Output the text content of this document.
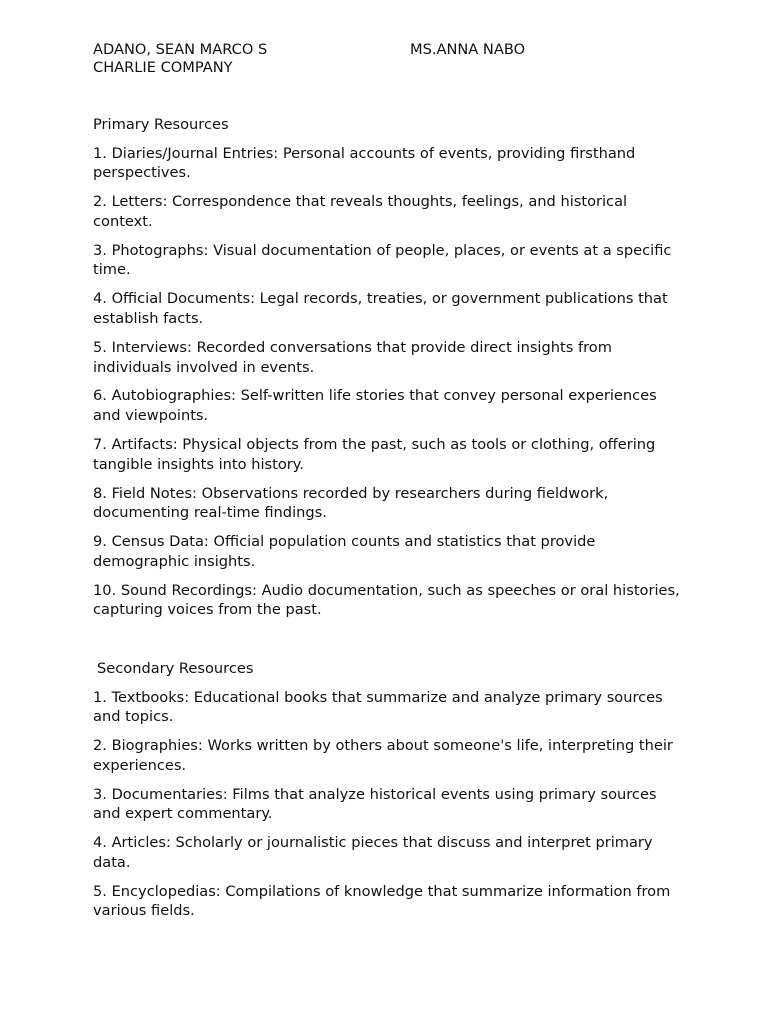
ADANO, SEAN MARCO S	MS.ANNA NABO
CHARLIE COMPANY
Primary Resources
1. Diaries/Journal Entries: Personal accounts of events, providing firsthand perspectives.
2. Letters: Correspondence that reveals thoughts, feelings, and historical context.
3. Photographs: Visual documentation of people, places, or events at a specific time.
4. Official Documents: Legal records, treaties, or government publications that establish facts.
5. Interviews: Recorded conversations that provide direct insights from individuals involved in events.
6. Autobiographies: Self-written life stories that convey personal experiences and viewpoints.
7. Artifacts: Physical objects from the past, such as tools or clothing, offering tangible insights into history.
8. Field Notes: Observations recorded by researchers during fieldwork, documenting real-time findings.
9. Census Data: Official population counts and statistics that provide demographic insights.
10. Sound Recordings: Audio documentation, such as speeches or oral histories, capturing voices from the past.
Secondary Resources
1. Textbooks: Educational books that summarize and analyze primary sources and topics.
2. Biographies: Works written by others about someone's life, interpreting their experiences.
3. Documentaries: Films that analyze historical events using primary sources and expert commentary.
4. Articles: Scholarly or journalistic pieces that discuss and interpret primary data.
5. Encyclopedias: Compilations of knowledge that summarize information from various fields.
